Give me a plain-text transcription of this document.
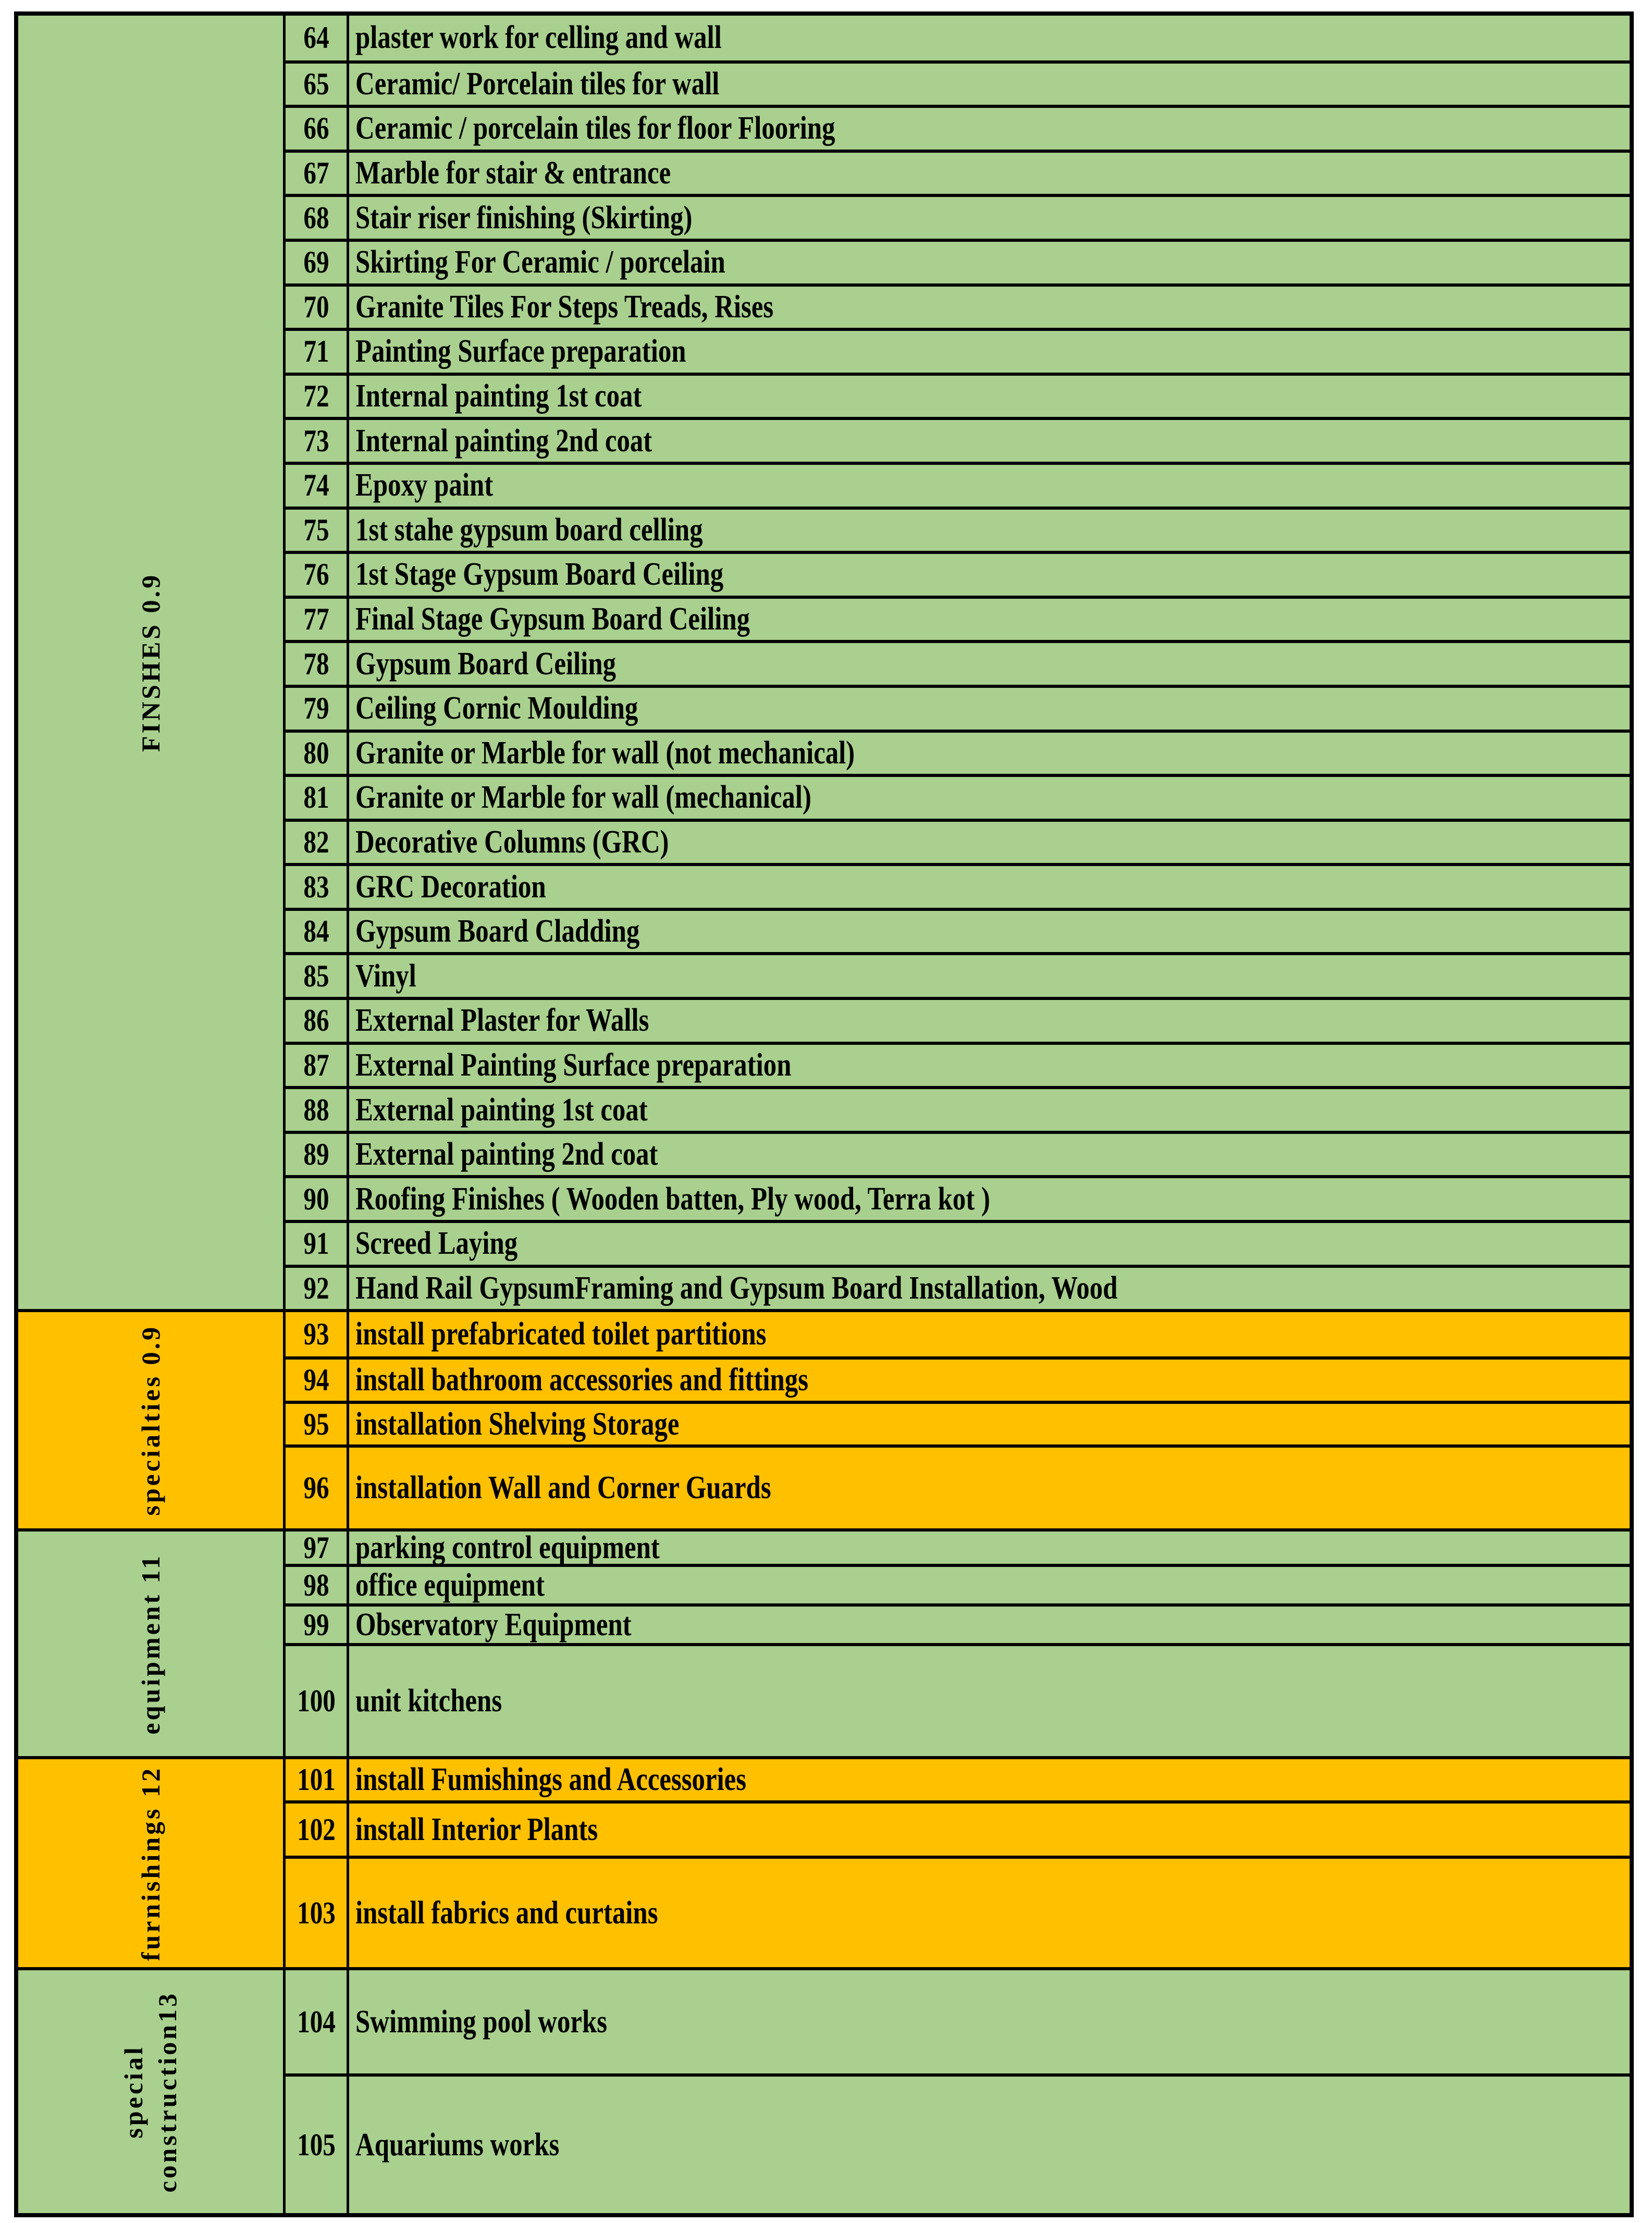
FINSHES 0.9
64 plaster work for celling and wall
65 Ceramic/ Porcelain tiles for wall
66 Ceramic / porcelain tiles for floor Flooring
67 Marble for stair & entrance
68 Stair riser finishing (Skirting)
69 Skirting For Ceramic / porcelain
70 Granite Tiles For Steps Treads, Rises
71 Painting Surface preparation
72 Internal painting 1st coat
73 Internal painting 2nd coat
74 Epoxy paint
75 1st stahe gypsum board celling
76 1st Stage Gypsum Board Ceiling
77 Final Stage Gypsum Board Ceiling
78 Gypsum Board Ceiling
79 Ceiling Cornic Moulding
80 Granite or Marble for wall (not mechanical)
81 Granite or Marble for wall (mechanical)
82 Decorative Columns (GRC)
83 GRC Decoration
84 Gypsum Board Cladding
85 Vinyl
86 External Plaster for Walls
87 External Painting Surface preparation
88 External painting 1st coat
89 External painting 2nd coat
90 Roofing Finishes ( Wooden batten, Ply wood, Terra kot )
91 Screed Laying
92 Hand Rail GypsumFraming and Gypsum Board Installation, Wood
specialties 0.9	93 install prefabricated toilet partitions
94 install bathroom accessories and fittings
95 installation Shelving Storage
96 installation Wall and Corner Guards
equipment 11
97 parking control equipment
98 office equipment
99 Observatory Equipment
100 unit kitchens
furnishings 12	101 install Fumishings and Accessories
102 install Interior Plants
103 install fabrics and curtains
special
construction13	104 Swimming pool works
105 Aquariums works
